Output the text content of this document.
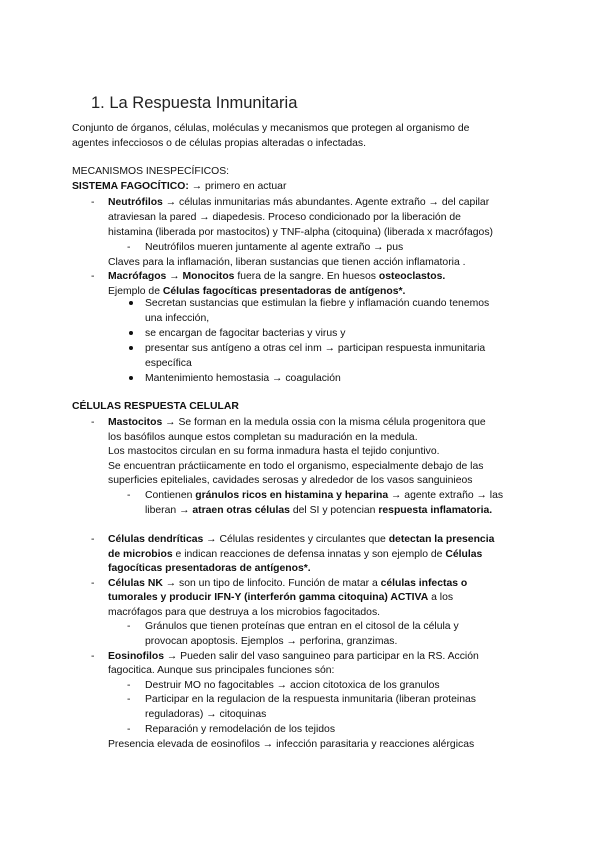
1. La Respuesta Inmunitaria
Conjunto de órganos, células, moléculas y mecanismos que protegen al organismo de
agentes infecciosos o de células propias alteradas o infectadas.
MECANISMOS INESPECÍFICOS:
SISTEMA FAGOCÍTICO: → primero en actuar
- Neutrófilos → células inmunitarias más abundantes. Agente extraño → del capilar
atraviesan la pared → diapedesis. Proceso condicionado por la liberación de
histamina (liberada por mastocitos) y TNF-alpha (citoquina) (liberada x macrófagos)
- Neutrófilos mueren juntamente al agente extraño → pus
Claves para la inflamación, liberan sustancias que tienen acción inflamatoria .
- Macrófagos → Monocitos fuera de la sangre. En huesos osteoclastos.
Ejemplo de Células fagocíticas presentadoras de antígenos*.
Secretan sustancias que estimulan la fiebre y inflamación cuando tenemos
una infección,
se encargan de fagocitar bacterias y virus y
presentar sus antígeno a otras cel inm → participan respuesta inmunitaria
específica
Mantenimiento hemostasia → coagulación
CÉLULAS RESPUESTA CELULAR
- Mastocitos → Se forman en la medula ossia con la misma célula progenitora que
los basófilos aunque estos completan su maduración en la medula.
Los mastocitos circulan en su forma inmadura hasta el tejido conjuntivo.
Se encuentran práctiicamente en todo el organismo, especialmente debajo de las
superficies epiteliales, cavidades serosas y alrededor de los vasos sanguinieos
- Contienen gránulos ricos en histamina y heparina → agente extraño → las
liberan → atraen otras células del SI y potencian respuesta inflamatoria.
- Células dendríticas → Células residentes y circulantes que detectan la presencia
de microbios e indican reacciones de defensa innatas y son ejemplo de Células
fagocíticas presentadoras de antígenos*.
- Células NK → son un tipo de linfocito. Función de matar a células infectas o
tumorales y producir IFN-Y (interferón gamma citoquina) ACTIVA a los
macrófagos para que destruya a los microbios fagocitados.
- Gránulos que tienen proteínas que entran en el citosol de la célula y
provocan apoptosis. Ejemplos → perforina, granzimas.
- Eosinofilos → Pueden salir del vaso sanguineo para participar en la RS. Acción
fagocitica. Aunque sus principales funciones són:
- Destruir MO no fagocitables → accion citotoxica de los granulos
- Participar en la regulacion de la respuesta inmunitaria (liberan proteinas
reguladoras) → citoquinas
- Reparación y remodelación de los tejidos
Presencia elevada de eosinofilos → infección parasitaria y reacciones alérgicas
